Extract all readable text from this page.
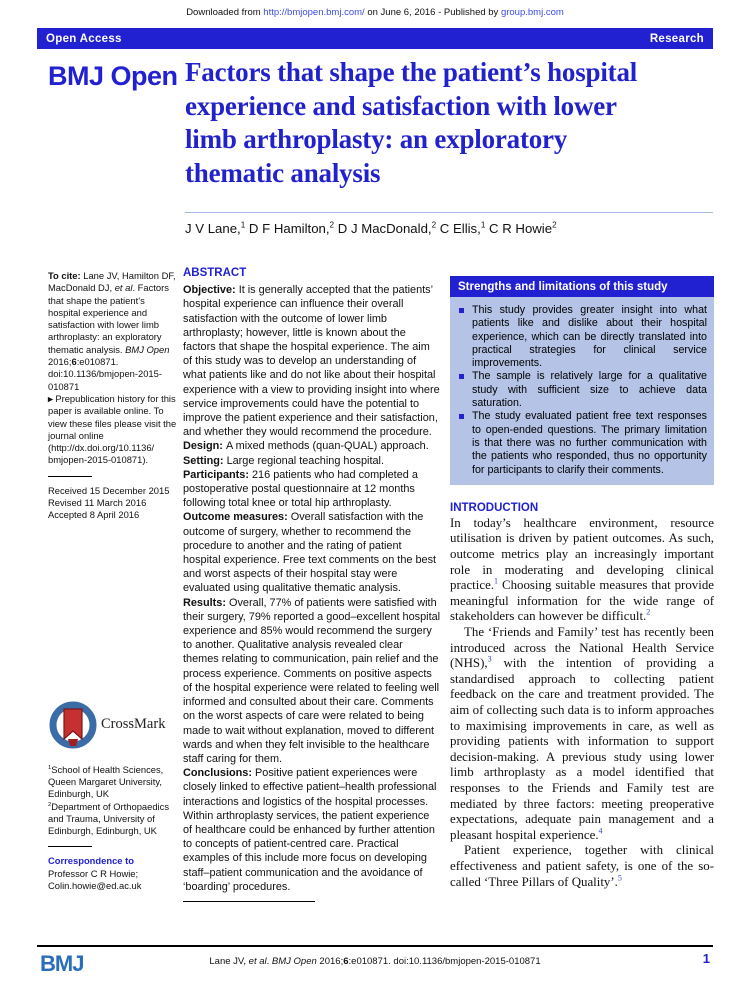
Downloaded from http://bmjopen.bmj.com/ on June 6, 2016 - Published by group.bmj.com
Open Access	Research
BMJ Open Factors that shape the patient’s hospital
experience and satisfaction with lower
limb arthroplasty: an exploratory
thematic analysis
J V Lane,$^1$ D F Hamilton,$^2$ D J MacDonald,$^2$ C Ellis,$^1$ C R Howie$^2$

To cite: Lane JV, Hamilton DF, MacDonald DJ, et al. Factors that shape the patient’s hospital experience and satisfaction with lower limb arthroplasty: an exploratory thematic analysis. BMJ Open 2016;6:e010871. doi:10.1136/bmjopen-2015-010871

▸ Prepublication history for this paper is available online. To view these files please visit the journal online (http://dx.doi.org/10.1136/ bmjopen-2015-010871).

Received 15 December 2015
Revised 11 March 2016
Accepted 8 April 2016
CrossMark
$^1$School of Health Sciences, Queen Margaret University, Edinburgh, UK
$^2$Department of Orthopaedics and Trauma, University of Edinburgh, Edinburgh, UK
Correspondence to
Professor C R Howie;
Colin.howie@ed.ac.uk
ABSTRACT

Objective: It is generally accepted that the patients’ hospital experience can influence their overall satisfaction with the outcome of lower limb arthroplasty; however, little is known about the factors that shape the hospital experience. The aim of this study was to develop an understanding of what patients like and do not like about their hospital experience with a view to providing insight into where service improvements could have the potential to improve the patient experience and their satisfaction, and whether they would recommend the procedure.

Design: A mixed methods (quan-QUAL) approach.

Setting: Large regional teaching hospital.

Participants: 216 patients who had completed a postoperative postal questionnaire at 12 months following total knee or total hip arthroplasty.

Outcome measures: Overall satisfaction with the outcome of surgery, whether to recommend the procedure to another and the rating of patient hospital experience. Free text comments on the best and worst aspects of their hospital stay were evaluated using qualitative thematic analysis.

Results: Overall, 77% of patients were satisfied with their surgery, 79% reported a good–excellent hospital experience and 85% would recommend the surgery to another. Qualitative analysis revealed clear themes relating to communication, pain relief and the process experience. Comments on positive aspects of the hospital experience were related to feeling well informed and consulted about their care. Comments on the worst aspects of care were related to being made to wait without explanation, moved to different wards and when they felt invisible to the healthcare staff caring for them.

Conclusions: Positive patient experiences were closely linked to effective patient–health professional interactions and logistics of the hospital processes. Within arthroplasty services, the patient experience of healthcare could be enhanced by further attention to concepts of patient-centred care. Practical examples of this include more focus on developing staff–patient communication and the avoidance of ‘boarding’ procedures.

Strengths and limitations of this study
This study provides greater insight into what patients like and dislike about their hospital experience, which can be directly translated into practical strategies for clinical service improvements.
The sample is relatively large for a qualitative study with sufficient size to achieve data saturation.
The study evaluated patient free text responses to open-ended questions. The primary limitation is that there was no further communication with the patients who responded, thus no opportunity for participants to clarify their comments.
INTRODUCTION

In today’s healthcare environment, resource utilisation is driven by patient outcomes. As such, outcome metrics play an increasingly important role in moderating and developing clinical practice.$^1$ Choosing suitable measures that provide meaningful information for the wide range of stakeholders can however be difficult.$^2$

The ‘Friends and Family’ test has recently been introduced across the National Health Service (NHS),$^3$ with the intention of providing a standardised approach to collecting patient feedback on the care and treatment provided. The aim of collecting such data is to inform approaches to maximising improvements in care, as well as providing patients with information to support decision-making. A previous study using lower limb arthroplasty as a model identified that responses to the Friends and Family test are mediated by three factors: meeting preoperative expectations, adequate pain management and a pleasant hospital experience.$^4$

Patient experience, together with clinical effectiveness and patient safety, is one of the so-called ‘Three Pillars of Quality’.$^5$

BMJ	Lane JV, et al. BMJ Open 2016;6:e010871. doi:10.1136/bmjopen-2015-010871	1
